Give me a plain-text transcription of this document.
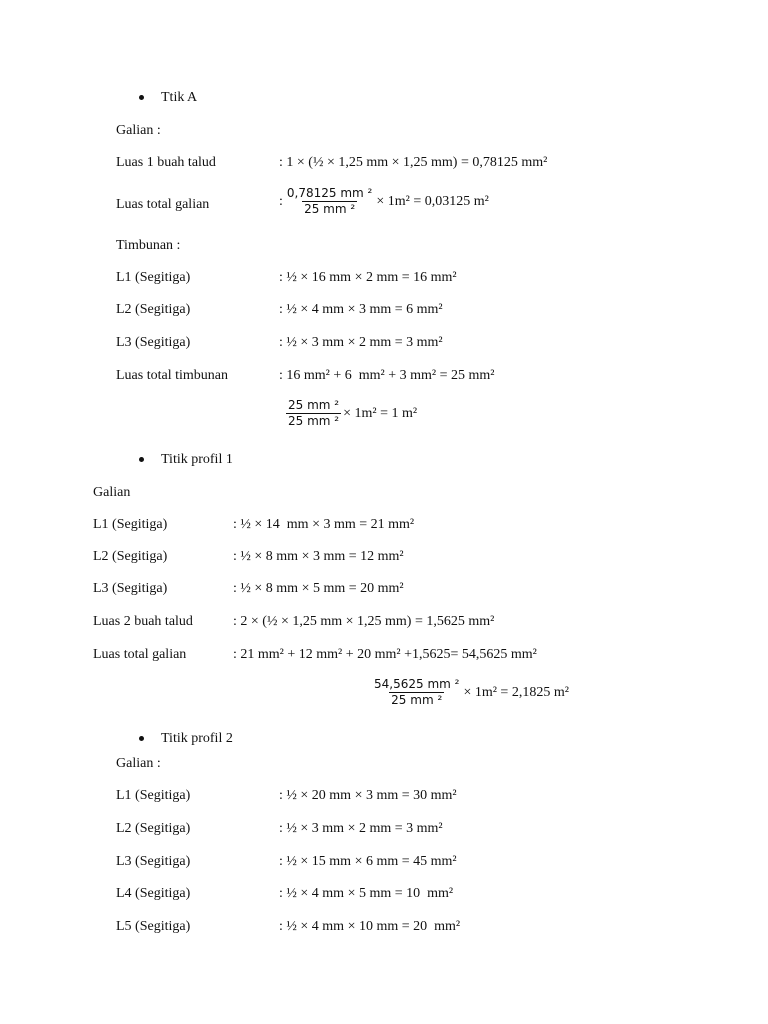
Ttik A
Galian :
Luas 1 buah talud	: 1 × (½ × 1,25 mm × 1,25 mm) = 0,78125 mm²
Luas total galian	: $\frac{\text{0,78125 mm ²}}{\text{25 mm ²}} \times 1m^2 = 0,03125$ m²
Timbunan :
L1 (Segitiga)	: ½ × 16 mm × 2 mm = 16 mm²
L2 (Segitiga)	: ½ × 4 mm × 3 mm = 6 mm²
L3 (Segitiga)	: ½ × 3 mm × 2 mm = 3 mm²
Luas total timbunan	: 16 mm² + 6  mm² + 3 mm² = 25 mm²
$\frac{\text{25 mm ²}}{\text{25 mm ²}} \times 1m^2 = 1$ m²
Titik profil 1
Galian
L1 (Segitiga)	: ½ × 14  mm × 3 mm = 21 mm²
L2 (Segitiga)	: ½ × 8 mm × 3 mm = 12 mm²
L3 (Segitiga)	: ½ × 8 mm × 5 mm = 20 mm²
Luas 2 buah talud	: 2 × (½ × 1,25 mm × 1,25 mm) = 1,5625 mm²
Luas total galian	: 21 mm² + 12 mm² + 20 mm² +1,5625= 54,5625 mm²
$\frac{\text{54,5625 mm ²}}{\text{25 mm ²}} \times 1m^2 = 2,1825$ m²
Titik profil 2
Galian :
L1 (Segitiga)	: ½ × 20 mm × 3 mm = 30 mm²
L2 (Segitiga)	: ½ × 3 mm × 2 mm = 3 mm²
L3 (Segitiga)	: ½ × 15 mm × 6 mm = 45 mm²
L4 (Segitiga)	: ½ × 4 mm × 5 mm = 10  mm²
L5 (Segitiga)	: ½ × 4 mm × 10 mm = 20  mm²
